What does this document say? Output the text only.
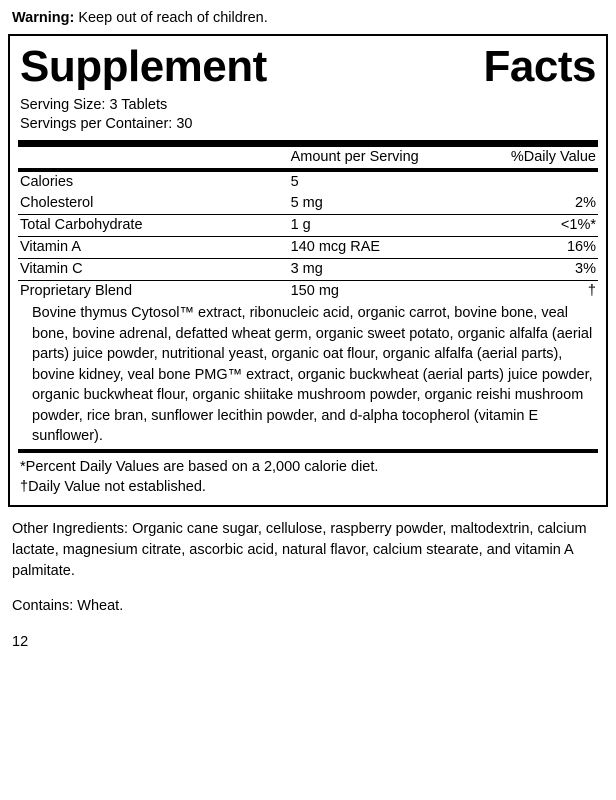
Warning: Keep out of reach of children.
Supplement	Facts
Serving Size: 3 Tablets
Servings per Container: 30
	Amount per Serving	%Daily Value
Calories	5	
Cholesterol	5 mg	2%
Total Carbohydrate	1 g	<1%*
Vitamin A	140 mcg RAE	16%
Vitamin C	3 mg	3%
Proprietary Blend	150 mg	†
Bovine thymus Cytosol™ extract, ribonucleic acid, organic carrot, bovine bone, veal bone, bovine adrenal, defatted wheat germ, organic sweet potato, organic alfalfa (aerial parts) juice powder, nutritional yeast, organic oat flour, organic alfalfa (aerial parts), bovine kidney, veal bone PMG™ extract, organic buckwheat (aerial parts) juice powder, organic buckwheat flour, organic shiitake mushroom powder, organic reishi mushroom powder, rice bran, sunflower lecithin powder, and d-alpha tocopherol (vitamin E sunflower).
*Percent Daily Values are based on a 2,000 calorie diet.
†Daily Value not established.
Other Ingredients: Organic cane sugar, cellulose, raspberry powder, maltodextrin, calcium lactate, magnesium citrate, ascorbic acid, natural flavor, calcium stearate, and vitamin A palmitate.
Contains: Wheat.
12
